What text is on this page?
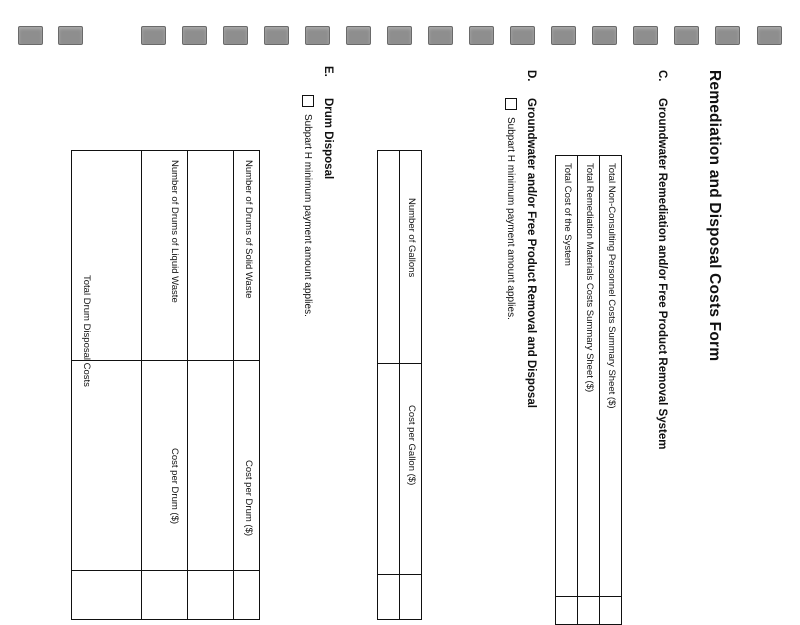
Remediation and Disposal Costs Form
C.
Groundwater Remediation and/or Free Product Removal System
Total Non-Consulting Personnel Costs Summary Sheet ($)
Total Remediation Materials Costs Summary Sheet ($)
Total Cost of the System
D.
Groundwater and/or Free Product Removal and Disposal
Subpart H minimum payment amount applies.
Number of Gallons
Cost per Gallon ($)
E.
Drum Disposal
Subpart H minimum payment amount applies.
Number of Drums of Solid Waste
Cost per Drum ($)
Number of Drums of Liquid Waste
Cost per Drum ($)
Total Drum Disposal Costs
